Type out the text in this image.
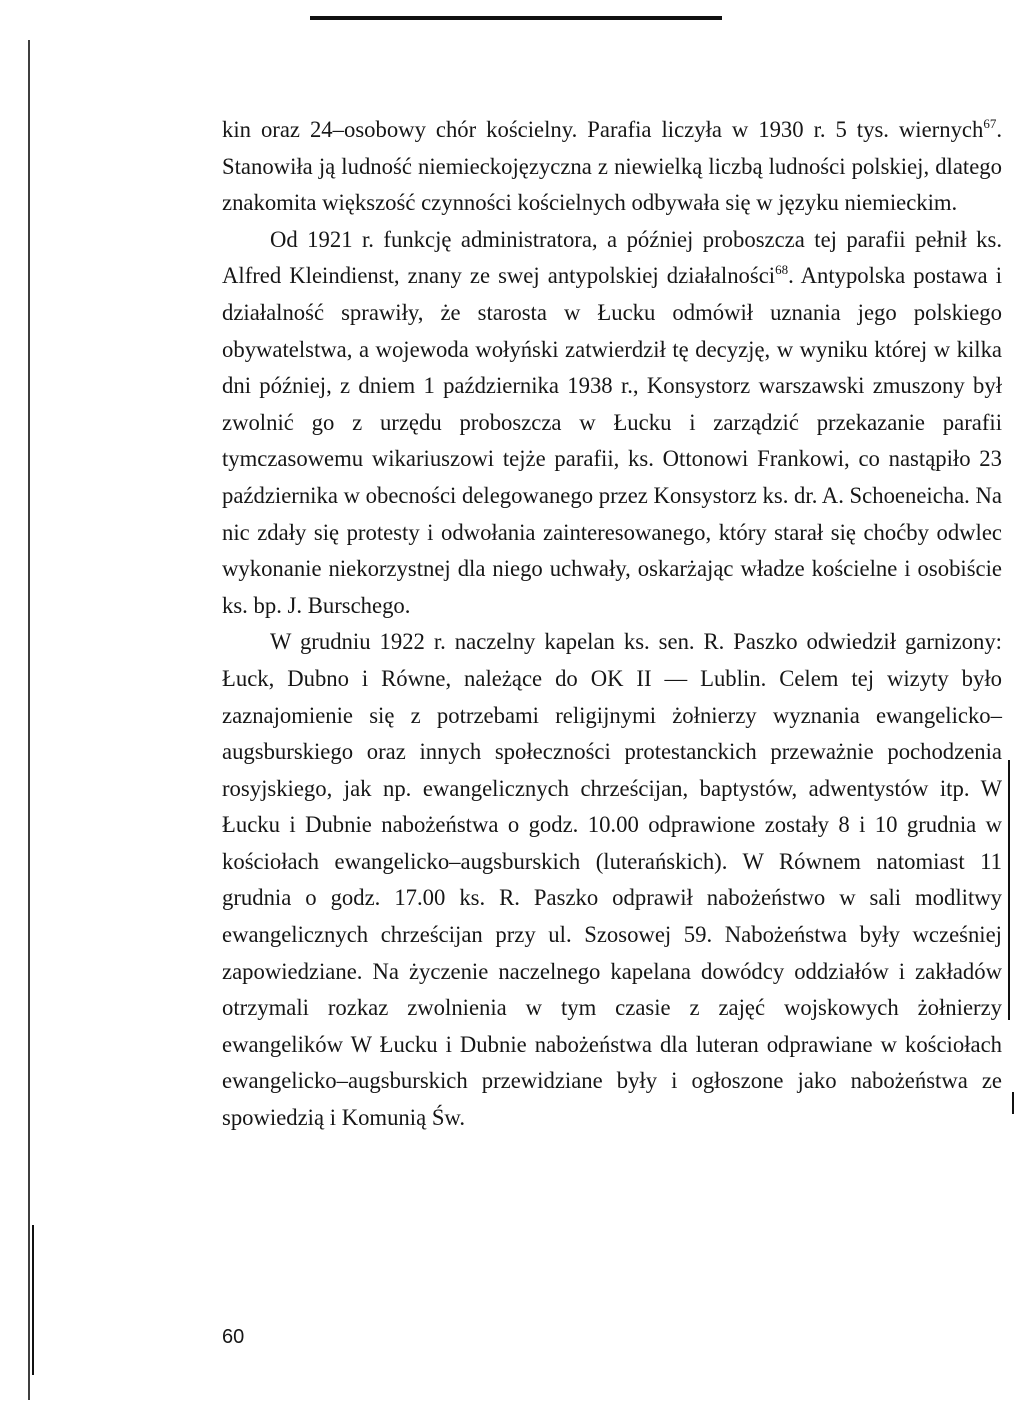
kin oraz 24–osobowy chór kościelny. Parafia liczyła w 1930 r. 5 tys. wiernych$^{67}$. Stanowiła ją ludność niemieckojęzyczna z niewielką liczbą ludności polskiej, dlatego znakomita większość czynności kościelnych odbywała się w języku niemieckim.

Od 1921 r. funkcję administratora, a później proboszcza tej parafii pełnił ks. Alfred Kleindienst, znany ze swej antypolskiej działalności$^{68}$. Antypolska postawa i działalność sprawiły, że starosta w Łucku odmówił uznania jego polskiego obywatelstwa, a wojewoda wołyński zatwierdził tę decyzję, w wyniku której w kilka dni później, z dniem 1 października 1938 r., Konsystorz warszawski zmuszony był zwolnić go z urzędu proboszcza w Łucku i zarządzić przekazanie parafii tymczasowemu wikariuszowi tejże parafii, ks. Ottonowi Frankowi, co nastąpiło 23 października w obecności delegowanego przez Konsystorz ks. dr. A. Schoeneicha. Na nic zdały się protesty i odwołania zainteresowanego, który starał się choćby odwlec wykonanie niekorzystnej dla niego uchwały, oskarżając władze kościelne i osobiście ks. bp. J. Burschego.

W grudniu 1922 r. naczelny kapelan ks. sen. R. Paszko odwiedził garnizony: Łuck, Dubno i Równe, należące do OK II — Lublin. Celem tej wizyty było zaznajomienie się z potrzebami religijnymi żołnierzy wyznania ewangelicko–augsburskiego oraz innych społeczności protestanckich przeważnie pochodzenia rosyjskiego, jak np. ewangelicznych chrześcijan, baptystów, adwentystów itp. W Łucku i Dubnie nabożeństwa o godz. 10.00 odprawione zostały 8 i 10 grudnia w kościołach ewangelicko–augsburskich (luterańskich). W Równem natomiast 11 grudnia o godz. 17.00 ks. R. Paszko odprawił nabożeństwo w sali modlitwy ewangelicznych chrześcijan przy ul. Szosowej 59. Nabożeństwa były wcześniej zapowiedziane. Na życzenie naczelnego kapelana dowódcy oddziałów i zakładów otrzymali rozkaz zwolnienia w tym czasie z zajęć wojskowych żołnierzy ewangelików W Łucku i Dubnie nabożeństwa dla luteran odprawiane w kościołach ewangelicko–augsburskich przewidziane były i ogłoszone jako nabożeństwa ze spowiedzią i Komunią Św.

60
